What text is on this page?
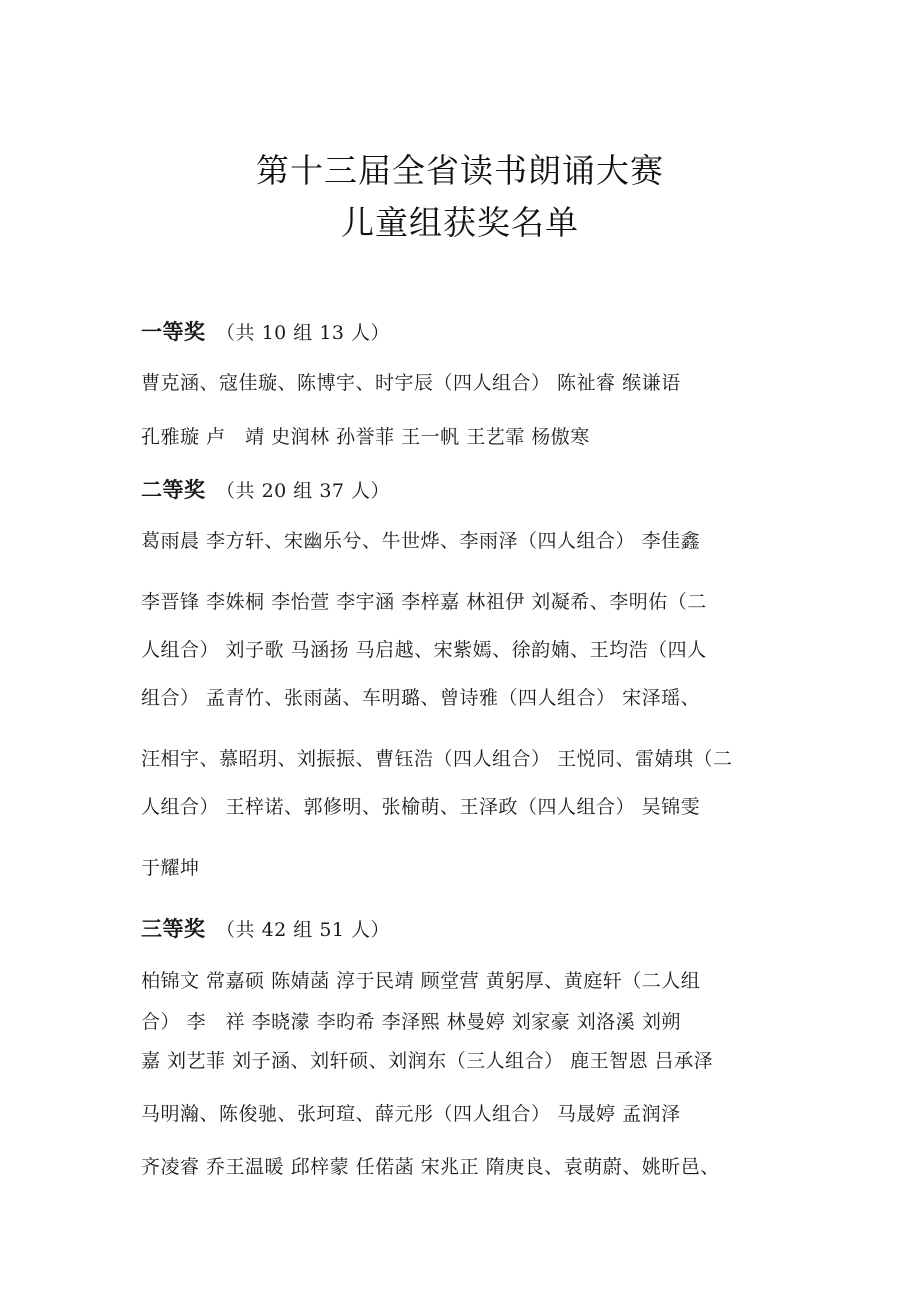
第十三届全省读书朗诵大赛
儿童组获奖名单
一等奖 （共 10 组 13 人）
曹克涵、寇佳璇、陈博宇、时宇辰（四人组合） 陈祉睿 缑谦语
孔雅璇 卢　靖 史润林 孙誉菲 王一帆 王艺霏 杨傲寒
二等奖 （共 20 组 37 人）
葛雨晨 李方轩、宋幽乐兮、牛世烨、李雨泽（四人组合） 李佳鑫
李晋锋 李姝桐 李怡萱 李宇涵 李梓嘉 林祖伊 刘凝希、李明佑（二
人组合） 刘子歌 马涵扬 马启越、宋紫嫣、徐韵婻、王均浩（四人
组合） 孟青竹、张雨菡、车明璐、曾诗雅（四人组合） 宋泽瑶、
汪相宇、慕昭玥、刘振振、曹钰浩（四人组合） 王悦同、雷婧琪（二
人组合） 王梓诺、郭修明、张榆萌、王泽政（四人组合） 吴锦雯
于耀坤
三等奖 （共 42 组 51 人）
柏锦文 常嘉硕 陈婧菡 淳于民靖 顾堂营 黄躬厚、黄庭轩（二人组
合） 李　祥 李晓濛 李昀希 李泽熙 林曼婷 刘家豪 刘洛溪 刘朔
嘉 刘艺菲 刘子涵、刘轩硕、刘润东（三人组合） 鹿王智恩 吕承泽
马明瀚、陈俊驰、张珂瑄、薛元彤（四人组合） 马晟婷 孟润泽
齐凌睿 乔王温暖 邱梓蒙 任偌菡 宋兆正 隋庚良、袁萌蔚、姚昕邑、
